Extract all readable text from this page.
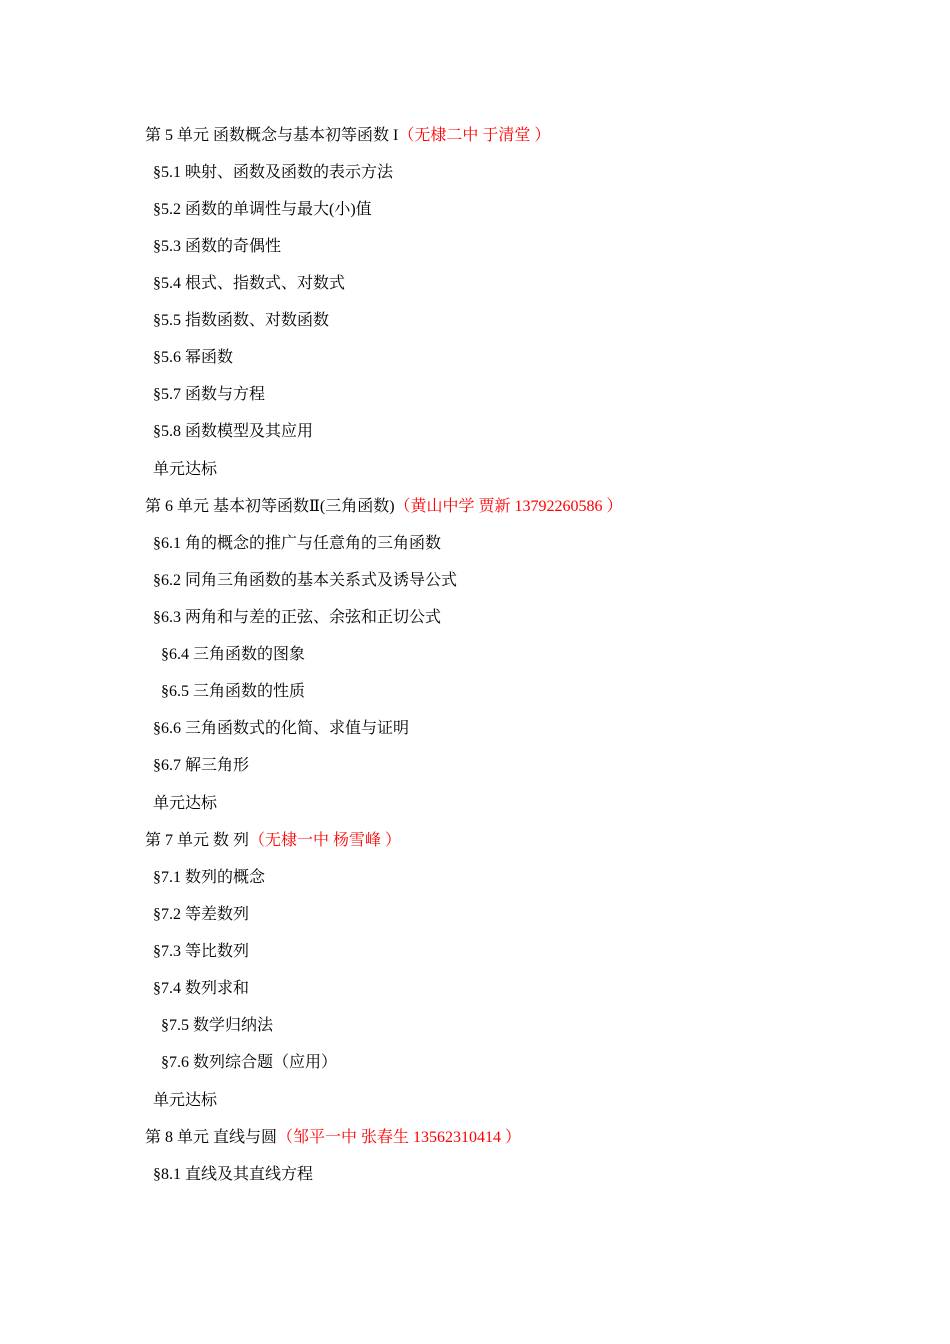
第 5 单元 函数概念与基本初等函数 I（无棣二中 于清堂 ）
§5.1 映射、函数及函数的表示方法
§5.2 函数的单调性与最大(小)值
§5.3 函数的奇偶性
§5.4 根式、指数式、对数式
§5.5 指数函数、对数函数
§5.6 幂函数
§5.7 函数与方程
§5.8 函数模型及其应用
单元达标
第 6 单元 基本初等函数Ⅱ(三角函数)（黄山中学 贾新 13792260586 ）
§6.1 角的概念的推广与任意角的三角函数
§6.2 同角三角函数的基本关系式及诱导公式
§6.3 两角和与差的正弦、余弦和正切公式
§6.4 三角函数的图象
§6.5 三角函数的性质
§6.6 三角函数式的化简、求值与证明
§6.7 解三角形
单元达标
第 7 单元 数 列（无棣一中 杨雪峰 ）
§7.1 数列的概念
§7.2 等差数列
§7.3 等比数列
§7.4 数列求和
§7.5 数学归纳法
§7.6 数列综合题（应用）
单元达标
第 8 单元 直线与圆（邹平一中 张春生 13562310414 ）
§8.1 直线及其直线方程
